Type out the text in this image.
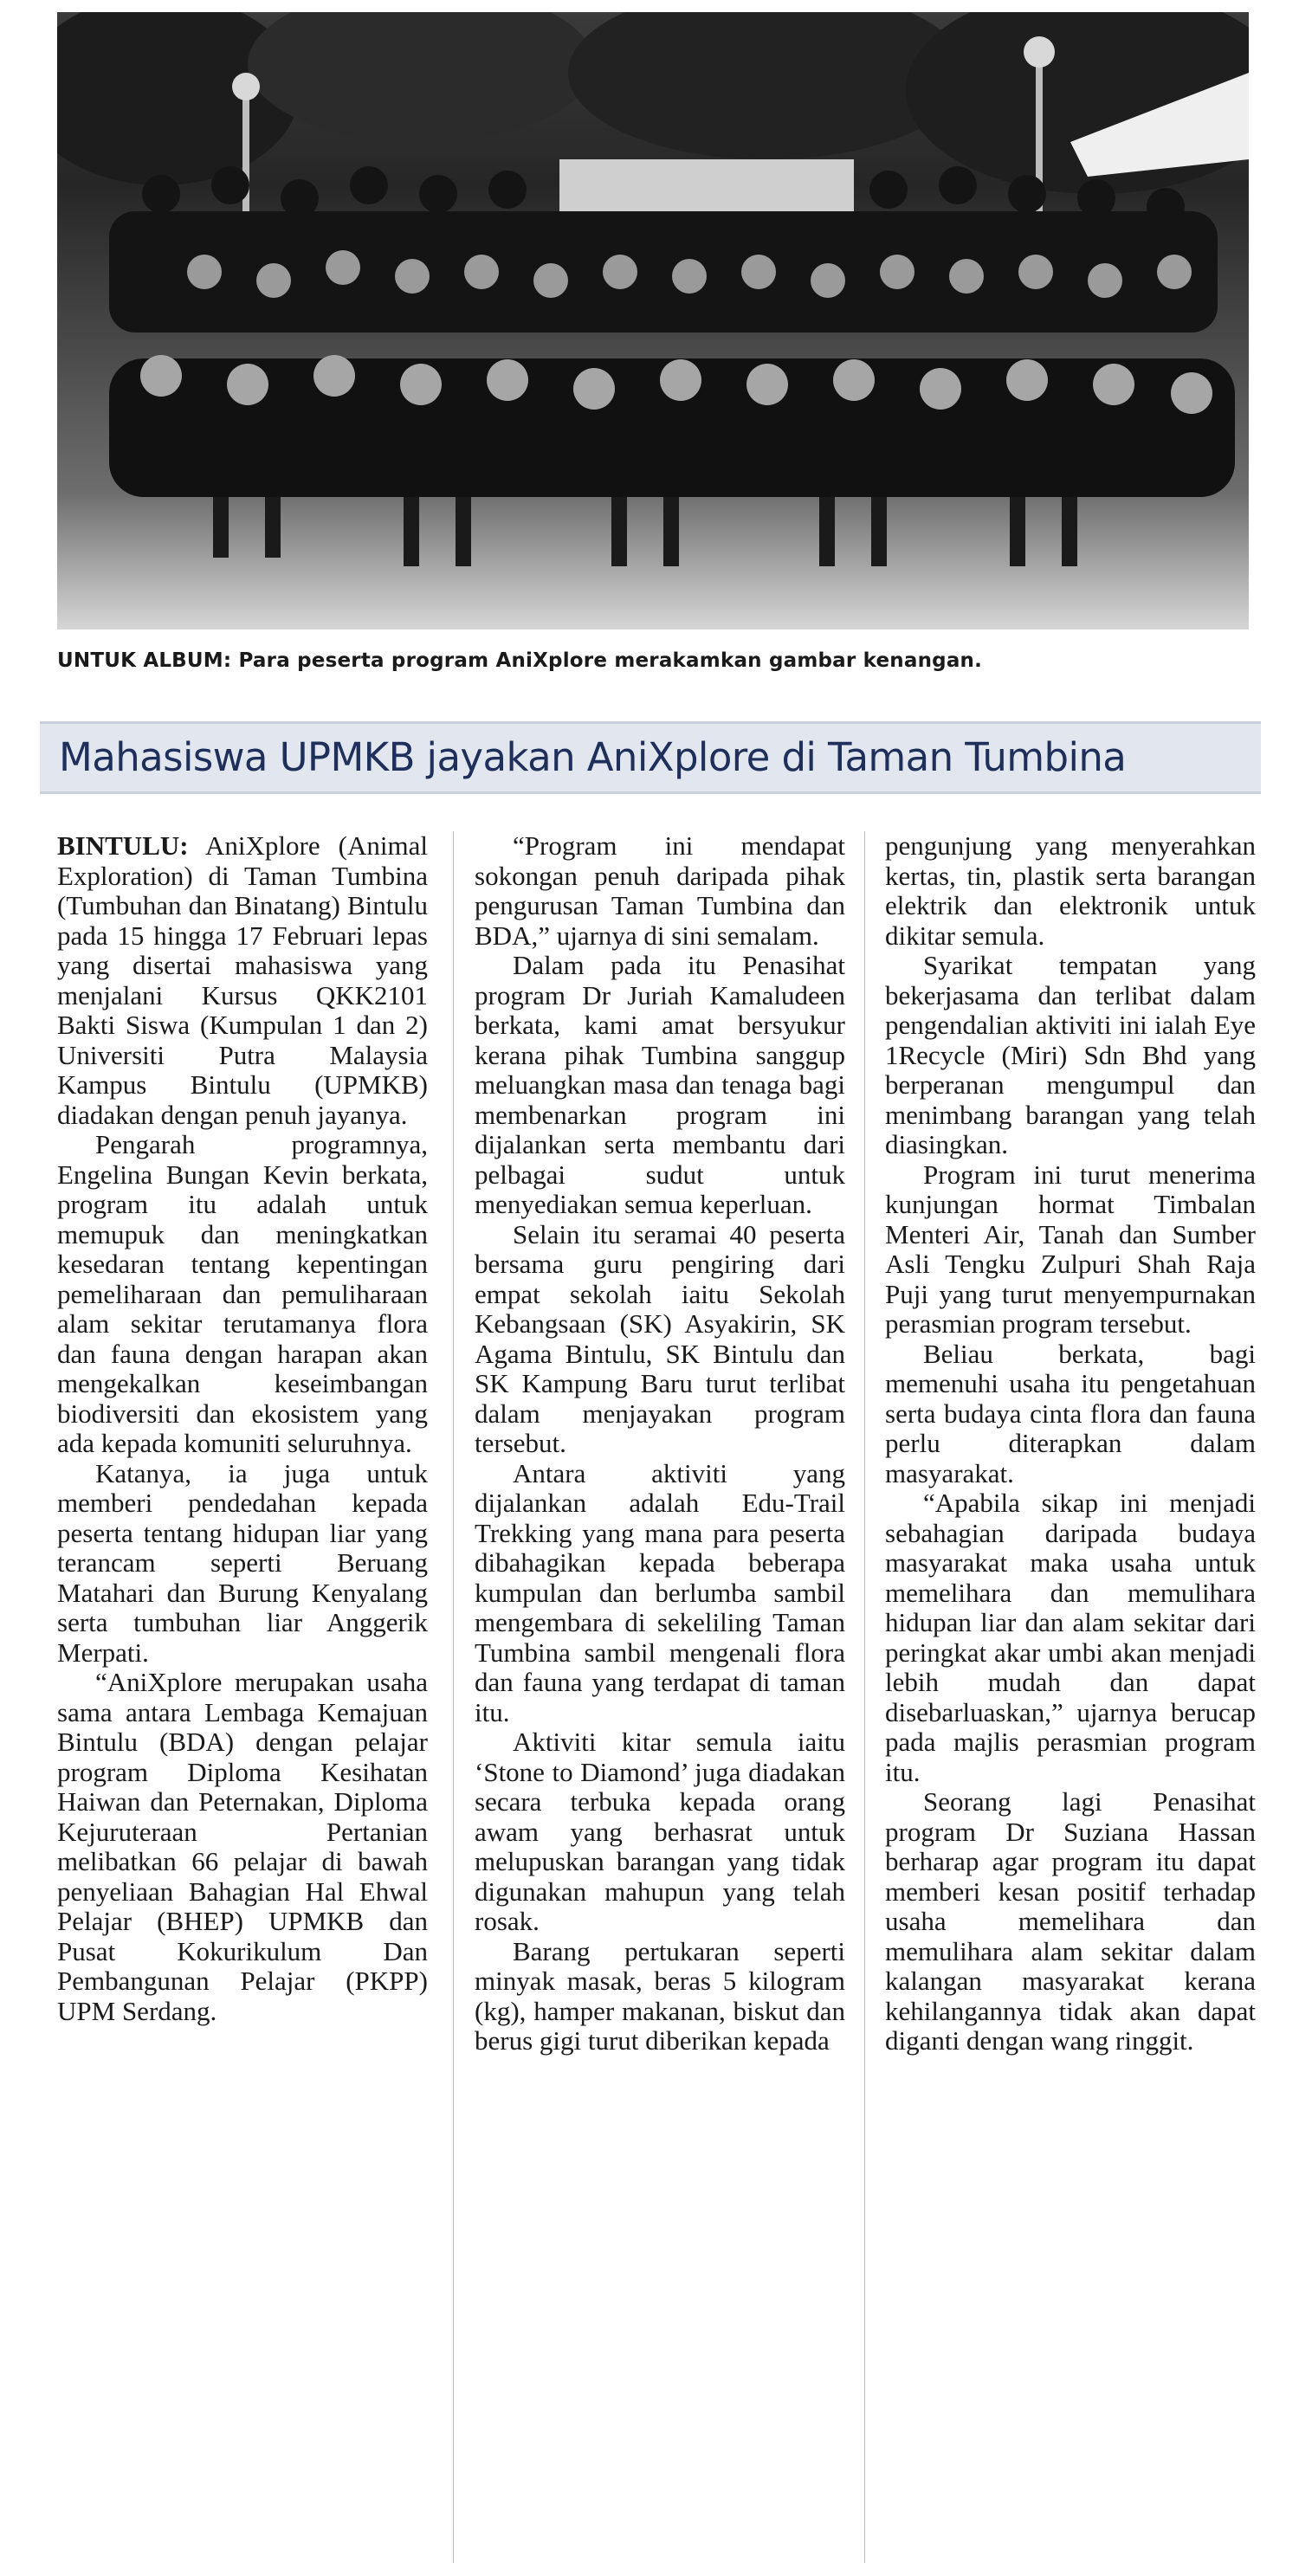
UNTUK ALBUM: Para peserta program AniXplore merakamkan gambar kenangan.
Mahasiswa UPMKB jayakan AniXplore di Taman Tumbina

BINTULU: AniXplore (Animal Exploration) di Taman Tumbina (Tumbuhan dan Binatang) Bintulu pada 15 hingga 17 Februari lepas yang disertai mahasiswa yang menjalani Kursus QKK2101 Bakti Siswa (Kumpulan 1 dan 2) Universiti Putra Malaysia Kampus Bintulu (UPMKB) diadakan dengan penuh jayanya.

Pengarah programnya, Engelina Bungan Kevin berkata, program itu adalah untuk memupuk dan meningkatkan kesedaran tentang kepentingan pemeliharaan dan pemuliharaan alam sekitar terutamanya flora dan fauna dengan harapan akan mengekalkan keseimbangan biodiversiti dan ekosistem yang ada kepada komuniti seluruhnya.

Katanya, ia juga untuk memberi pendedahan kepada peserta tentang hidupan liar yang terancam seperti Beruang Matahari dan Burung Kenyalang serta tumbuhan liar Anggerik Merpati.

“AniXplore merupakan usaha sama antara Lembaga Kemajuan Bintulu (BDA) dengan pelajar program Diploma Kesihatan Haiwan dan Peternakan, Diploma Kejuruteraan Pertanian melibatkan 66 pelajar di bawah penyeliaan Bahagian Hal Ehwal Pelajar (BHEP) UPMKB dan Pusat Kokurikulum Dan Pembangunan Pelajar (PKPP) UPM Serdang.

“Program ini mendapat sokongan penuh daripada pihak pengurusan Taman Tumbina dan BDA,” ujarnya di sini semalam.

Dalam pada itu Penasihat program Dr Juriah Kamaludeen berkata, kami amat bersyukur kerana pihak Tumbina sanggup meluangkan masa dan tenaga bagi membenarkan program ini dijalankan serta membantu dari pelbagai sudut untuk menyediakan semua keperluan.

Selain itu seramai 40 peserta bersama guru pengiring dari empat sekolah iaitu Sekolah Kebangsaan (SK) Asyakirin, SK Agama Bintulu, SK Bintulu dan SK Kampung Baru turut terlibat dalam menjayakan program tersebut.

Antara aktiviti yang dijalankan adalah Edu-Trail Trekking yang mana para peserta dibahagikan kepada beberapa kumpulan dan berlumba sambil mengembara di sekeliling Taman Tumbina sambil mengenali flora dan fauna yang terdapat di taman itu.

Aktiviti kitar semula iaitu ‘Stone to Diamond’ juga diadakan secara terbuka kepada orang awam yang berhasrat untuk melupuskan barangan yang tidak digunakan mahupun yang telah rosak.

Barang pertukaran seperti minyak masak, beras 5 kilogram (kg), hamper makanan, biskut dan berus gigi turut diberikan kepada

pengunjung yang menyerahkan kertas, tin, plastik serta barangan elektrik dan elektronik untuk dikitar semula.

Syarikat tempatan yang bekerjasama dan terlibat dalam pengendalian aktiviti ini ialah Eye 1Recycle (Miri) Sdn Bhd yang berperanan mengumpul dan menimbang barangan yang telah diasingkan.

Program ini turut menerima kunjungan hormat Timbalan Menteri Air, Tanah dan Sumber Asli Tengku Zulpuri Shah Raja Puji yang turut menyempurnakan perasmian program tersebut.

Beliau berkata, bagi memenuhi usaha itu pengetahuan serta budaya cinta flora dan fauna perlu diterapkan dalam masyarakat.

“Apabila sikap ini menjadi sebahagian daripada budaya masyarakat maka usaha untuk memelihara dan memulihara hidupan liar dan alam sekitar dari peringkat akar umbi akan menjadi lebih mudah dan dapat disebarluaskan,” ujarnya berucap pada majlis perasmian program itu.

Seorang lagi Penasihat program Dr Suziana Hassan berharap agar program itu dapat memberi kesan positif terhadap usaha memelihara dan memulihara alam sekitar dalam kalangan masyarakat kerana kehilangannya tidak akan dapat diganti dengan wang ringgit.
